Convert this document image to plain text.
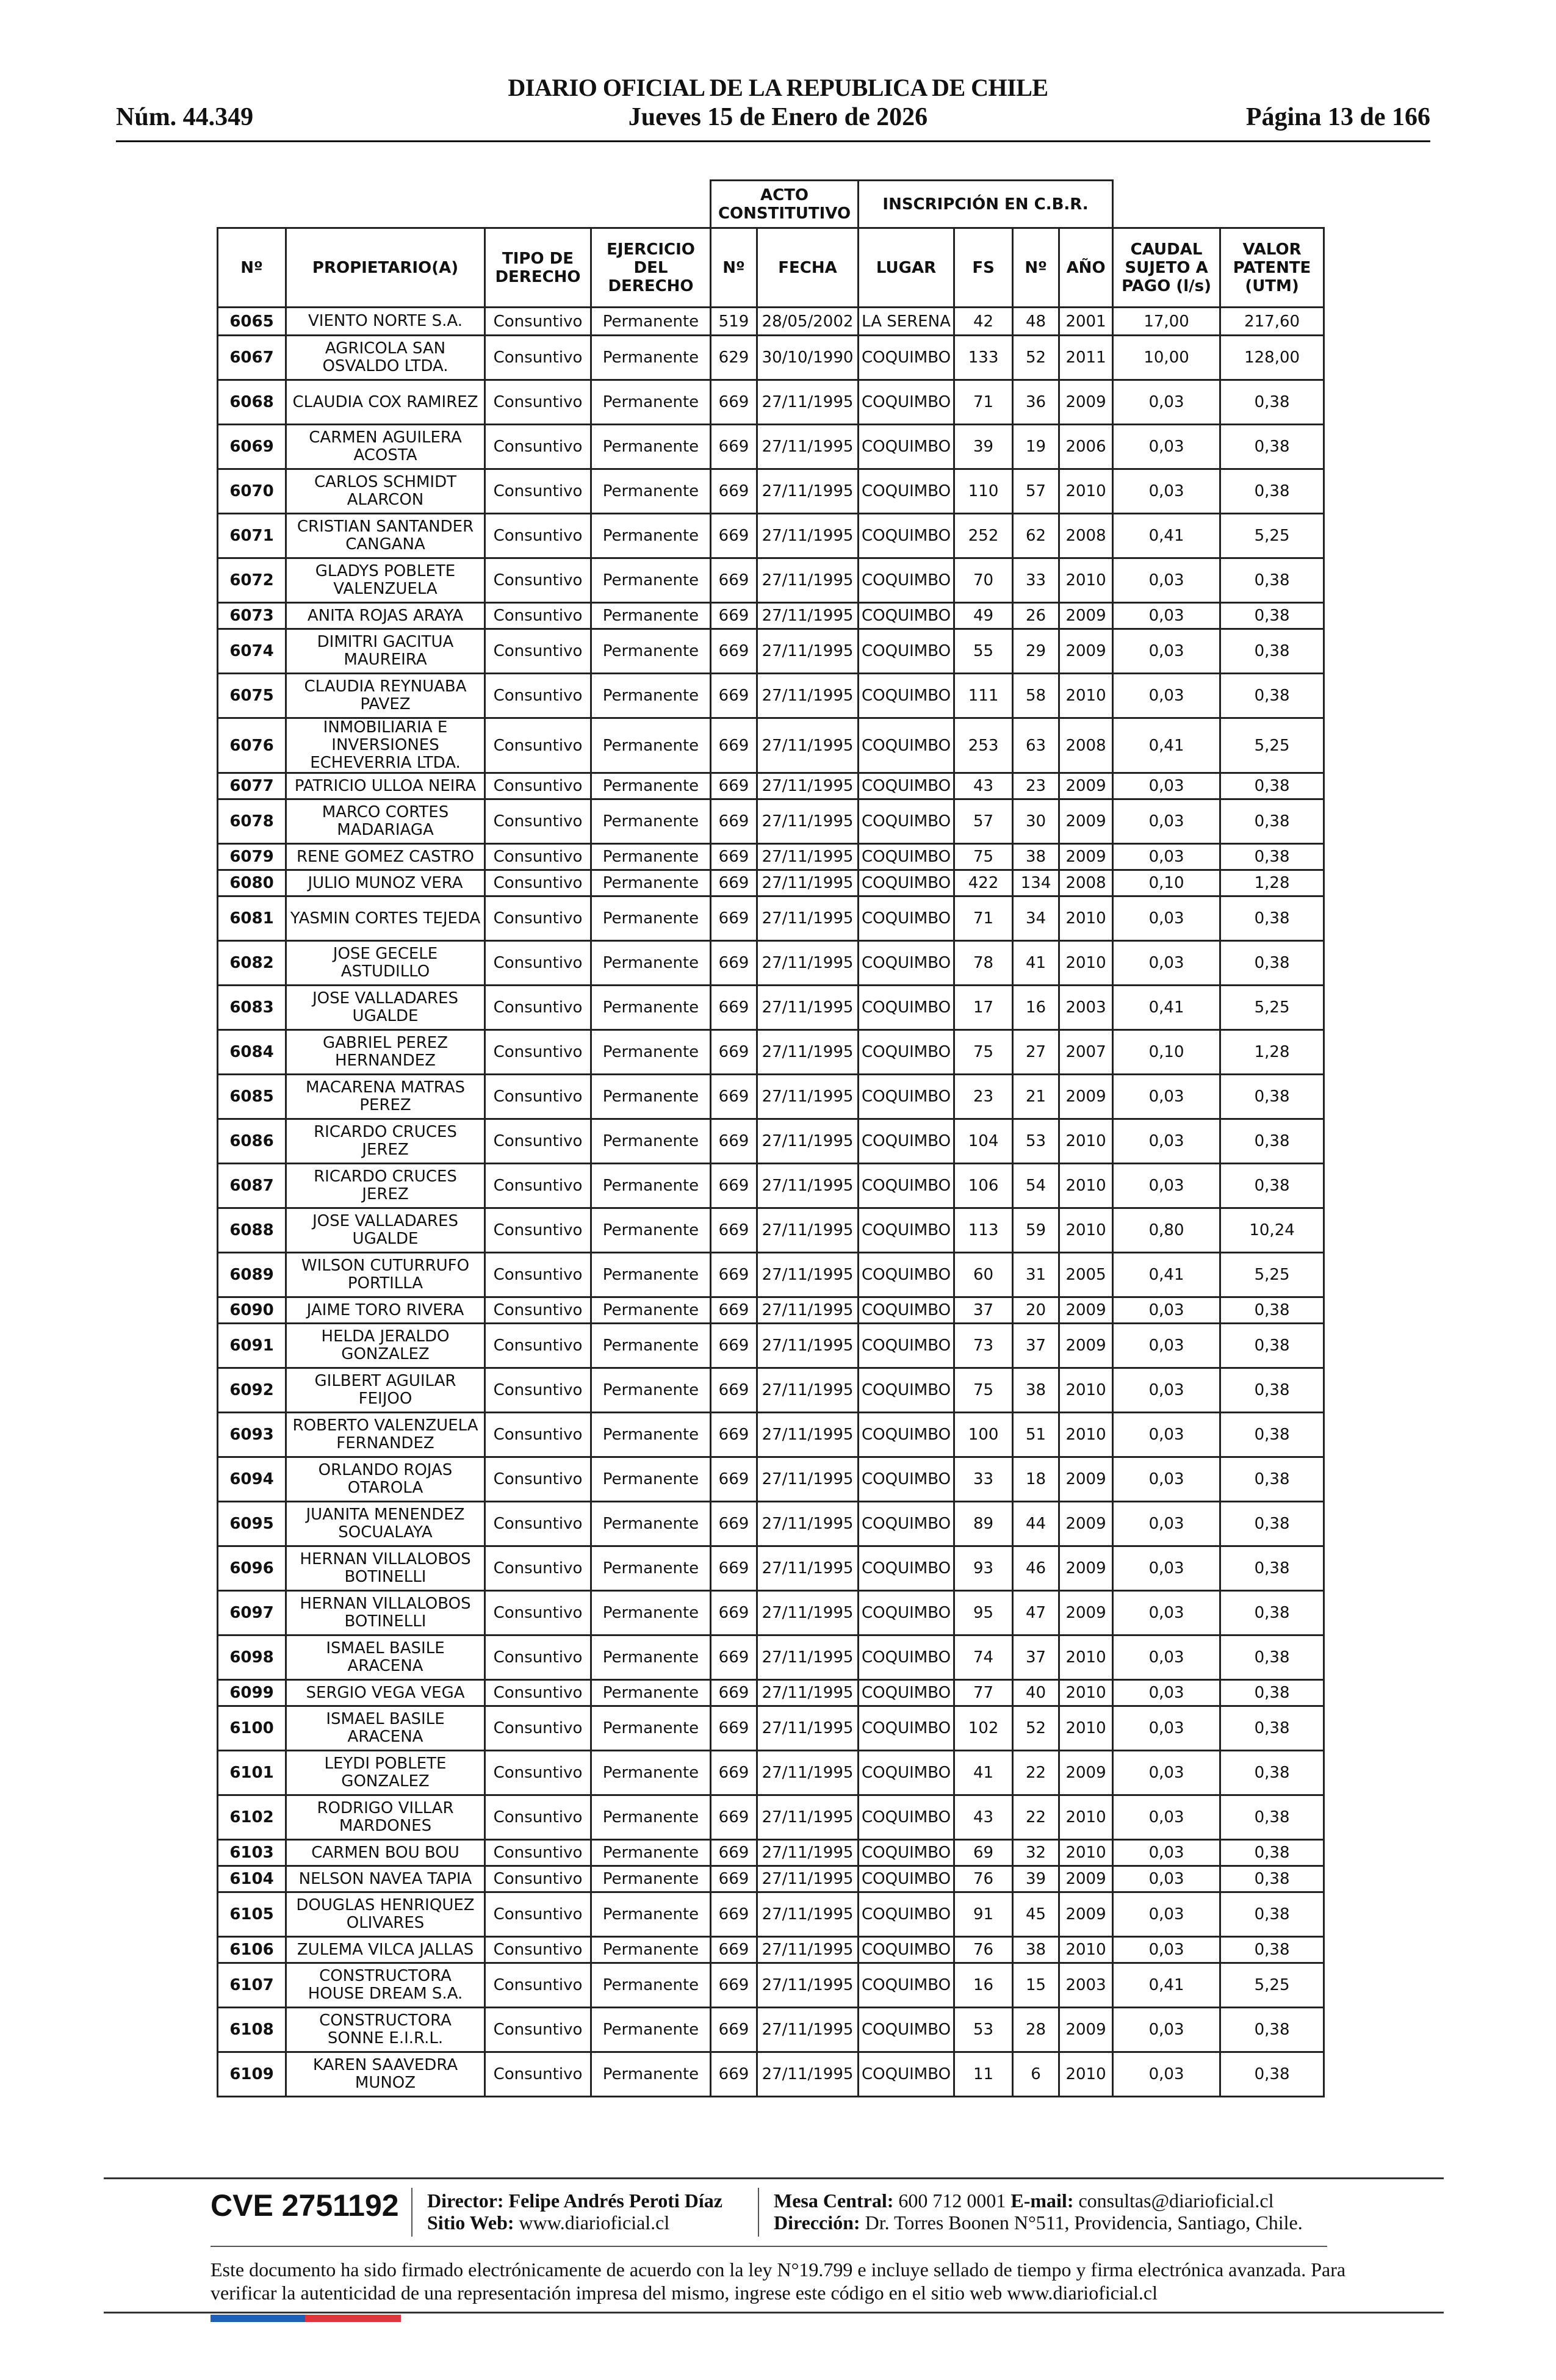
DIARIO OFICIAL DE LA REPUBLICA DE CHILE
Núm. 44.349	Jueves 15 de Enero de 2026	Página 13 de 166
				ACTO CONSTITUTIVO		INSCRIPCIÓN EN C.B.R.					
Nº	PROPIETARIO(A)	TIPO DE DERECHO	EJERCICIO DEL DERECHO	Nº	FECHA	LUGAR	FS	Nº	AÑO	CAUDAL SUJETO A PAGO (l/s)	VALOR PATENTE (UTM)
6065	VIENTO NORTE S.A.	Consuntivo	Permanente	519	28/05/2002	LA SERENA	42	48	2001	17,00	217,60
6067	AGRICOLA SAN OSVALDO LTDA.	Consuntivo	Permanente	629	30/10/1990	COQUIMBO	133	52	2011	10,00	128,00
6068	CLAUDIA COX RAMIREZ	Consuntivo	Permanente	669	27/11/1995	COQUIMBO	71	36	2009	0,03	0,38
6069	CARMEN AGUILERA ACOSTA	Consuntivo	Permanente	669	27/11/1995	COQUIMBO	39	19	2006	0,03	0,38
6070	CARLOS SCHMIDT ALARCON	Consuntivo	Permanente	669	27/11/1995	COQUIMBO	110	57	2010	0,03	0,38
6071	CRISTIAN SANTANDER CANGANA	Consuntivo	Permanente	669	27/11/1995	COQUIMBO	252	62	2008	0,41	5,25
6072	GLADYS POBLETE VALENZUELA	Consuntivo	Permanente	669	27/11/1995	COQUIMBO	70	33	2010	0,03	0,38
6073	ANITA ROJAS ARAYA	Consuntivo	Permanente	669	27/11/1995	COQUIMBO	49	26	2009	0,03	0,38
6074	DIMITRI GACITUA MAUREIRA	Consuntivo	Permanente	669	27/11/1995	COQUIMBO	55	29	2009	0,03	0,38
6075	CLAUDIA REYNUABA PAVEZ	Consuntivo	Permanente	669	27/11/1995	COQUIMBO	111	58	2010	0,03	0,38
6076	INMOBILIARIA E INVERSIONES ECHEVERRIA LTDA.	Consuntivo	Permanente	669	27/11/1995	COQUIMBO	253	63	2008	0,41	5,25
6077	PATRICIO ULLOA NEIRA	Consuntivo	Permanente	669	27/11/1995	COQUIMBO	43	23	2009	0,03	0,38
6078	MARCO CORTES MADARIAGA	Consuntivo	Permanente	669	27/11/1995	COQUIMBO	57	30	2009	0,03	0,38
6079	RENE GOMEZ CASTRO	Consuntivo	Permanente	669	27/11/1995	COQUIMBO	75	38	2009	0,03	0,38
6080	JULIO MUNOZ VERA	Consuntivo	Permanente	669	27/11/1995	COQUIMBO	422	134	2008	0,10	1,28
6081	YASMIN CORTES TEJEDA	Consuntivo	Permanente	669	27/11/1995	COQUIMBO	71	34	2010	0,03	0,38
6082	JOSE GECELE ASTUDILLO	Consuntivo	Permanente	669	27/11/1995	COQUIMBO	78	41	2010	0,03	0,38
6083	JOSE VALLADARES UGALDE	Consuntivo	Permanente	669	27/11/1995	COQUIMBO	17	16	2003	0,41	5,25
6084	GABRIEL PEREZ HERNANDEZ	Consuntivo	Permanente	669	27/11/1995	COQUIMBO	75	27	2007	0,10	1,28
6085	MACARENA MATRAS PEREZ	Consuntivo	Permanente	669	27/11/1995	COQUIMBO	23	21	2009	0,03	0,38
6086	RICARDO CRUCES JEREZ	Consuntivo	Permanente	669	27/11/1995	COQUIMBO	104	53	2010	0,03	0,38
6087	RICARDO CRUCES JEREZ	Consuntivo	Permanente	669	27/11/1995	COQUIMBO	106	54	2010	0,03	0,38
6088	JOSE VALLADARES UGALDE	Consuntivo	Permanente	669	27/11/1995	COQUIMBO	113	59	2010	0,80	10,24
6089	WILSON CUTURRUFO PORTILLA	Consuntivo	Permanente	669	27/11/1995	COQUIMBO	60	31	2005	0,41	5,25
6090	JAIME TORO RIVERA	Consuntivo	Permanente	669	27/11/1995	COQUIMBO	37	20	2009	0,03	0,38
6091	HELDA JERALDO GONZALEZ	Consuntivo	Permanente	669	27/11/1995	COQUIMBO	73	37	2009	0,03	0,38
6092	GILBERT AGUILAR FEIJOO	Consuntivo	Permanente	669	27/11/1995	COQUIMBO	75	38	2010	0,03	0,38
6093	ROBERTO VALENZUELA FERNANDEZ	Consuntivo	Permanente	669	27/11/1995	COQUIMBO	100	51	2010	0,03	0,38
6094	ORLANDO ROJAS OTAROLA	Consuntivo	Permanente	669	27/11/1995	COQUIMBO	33	18	2009	0,03	0,38
6095	JUANITA MENENDEZ SOCUALAYA	Consuntivo	Permanente	669	27/11/1995	COQUIMBO	89	44	2009	0,03	0,38
6096	HERNAN VILLALOBOS BOTINELLI	Consuntivo	Permanente	669	27/11/1995	COQUIMBO	93	46	2009	0,03	0,38
6097	HERNAN VILLALOBOS BOTINELLI	Consuntivo	Permanente	669	27/11/1995	COQUIMBO	95	47	2009	0,03	0,38
6098	ISMAEL BASILE ARACENA	Consuntivo	Permanente	669	27/11/1995	COQUIMBO	74	37	2010	0,03	0,38
6099	SERGIO VEGA VEGA	Consuntivo	Permanente	669	27/11/1995	COQUIMBO	77	40	2010	0,03	0,38
6100	ISMAEL BASILE ARACENA	Consuntivo	Permanente	669	27/11/1995	COQUIMBO	102	52	2010	0,03	0,38
6101	LEYDI POBLETE GONZALEZ	Consuntivo	Permanente	669	27/11/1995	COQUIMBO	41	22	2009	0,03	0,38
6102	RODRIGO VILLAR MARDONES	Consuntivo	Permanente	669	27/11/1995	COQUIMBO	43	22	2010	0,03	0,38
6103	CARMEN BOU BOU	Consuntivo	Permanente	669	27/11/1995	COQUIMBO	69	32	2010	0,03	0,38
6104	NELSON NAVEA TAPIA	Consuntivo	Permanente	669	27/11/1995	COQUIMBO	76	39	2009	0,03	0,38
6105	DOUGLAS HENRIQUEZ OLIVARES	Consuntivo	Permanente	669	27/11/1995	COQUIMBO	91	45	2009	0,03	0,38
6106	ZULEMA VILCA JALLAS	Consuntivo	Permanente	669	27/11/1995	COQUIMBO	76	38	2010	0,03	0,38
6107	CONSTRUCTORA HOUSE DREAM S.A.	Consuntivo	Permanente	669	27/11/1995	COQUIMBO	16	15	2003	0,41	5,25
6108	CONSTRUCTORA SONNE E.I.R.L.	Consuntivo	Permanente	669	27/11/1995	COQUIMBO	53	28	2009	0,03	0,38
6109	KAREN SAAVEDRA MUNOZ	Consuntivo	Permanente	669	27/11/1995	COQUIMBO	11	6	2010	0,03	0,38
CVE 2751192 Director: Felipe Andrés Peroti Díaz
Sitio Web: www.diarioficial.cl
Mesa Central: 600 712 0001 E-mail: consultas@diarioficial.cl
Dirección: Dr. Torres Boonen N°511, Providencia, Santiago, Chile.
Este documento ha sido firmado electrónicamente de acuerdo con la ley N°19.799 e incluye sellado de tiempo y firma electrónica avanzada. Para verificar la autenticidad de una representación impresa del mismo, ingrese este código en el sitio web www.diarioficial.cl
